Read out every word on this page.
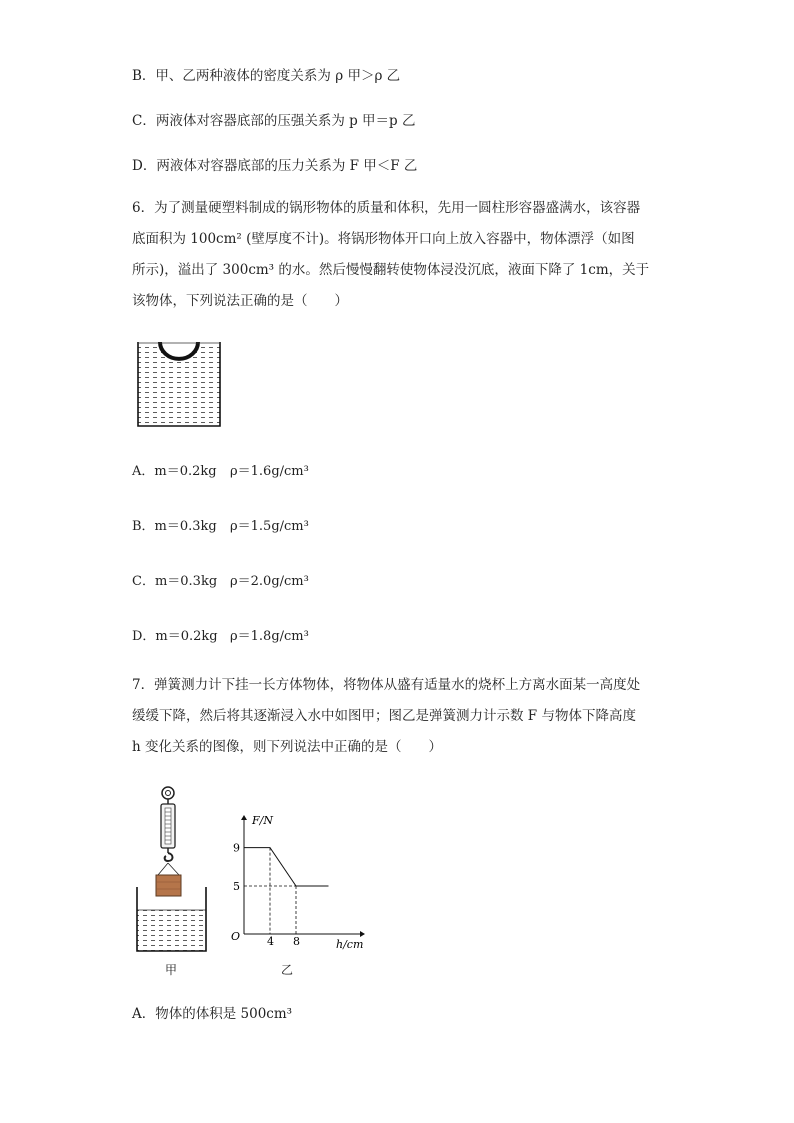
B．甲、乙两种液体的密度关系为 ρ 甲＞ρ 乙
C．两液体对容器底部的压强关系为 p 甲＝p 乙
D．两液体对容器底部的压力关系为 F 甲＜F 乙
6．为了测量硬塑料制成的锅形物体的质量和体积，先用一圆柱形容器盛满水，该容器
底面积为 100cm² (壁厚度不计)。将锅形物体开口向上放入容器中，物体漂浮（如图
所示)，溢出了 300cm³ 的水。然后慢慢翻转使物体浸没沉底，液面下降了 1cm，关于
该物体，下列说法正确的是（　　）
A．m＝0.2kg ρ＝1.6g/cm³
B．m＝0.3kg ρ＝1.5g/cm³
C．m＝0.3kg ρ＝2.0g/cm³
D．m＝0.2kg ρ＝1.8g/cm³
7．弹簧测力计下挂一长方体物体，将物体从盛有适量水的烧杯上方离水面某一高度处
缓缓下降，然后将其逐渐浸入水中如图甲；图乙是弹簧测力计示数 F 与物体下降高度
h 变化关系的图像，则下列说法中正确的是（　　）
甲
F/N
h/cm
O
9
5
4 8
乙
A．物体的体积是 500cm³
